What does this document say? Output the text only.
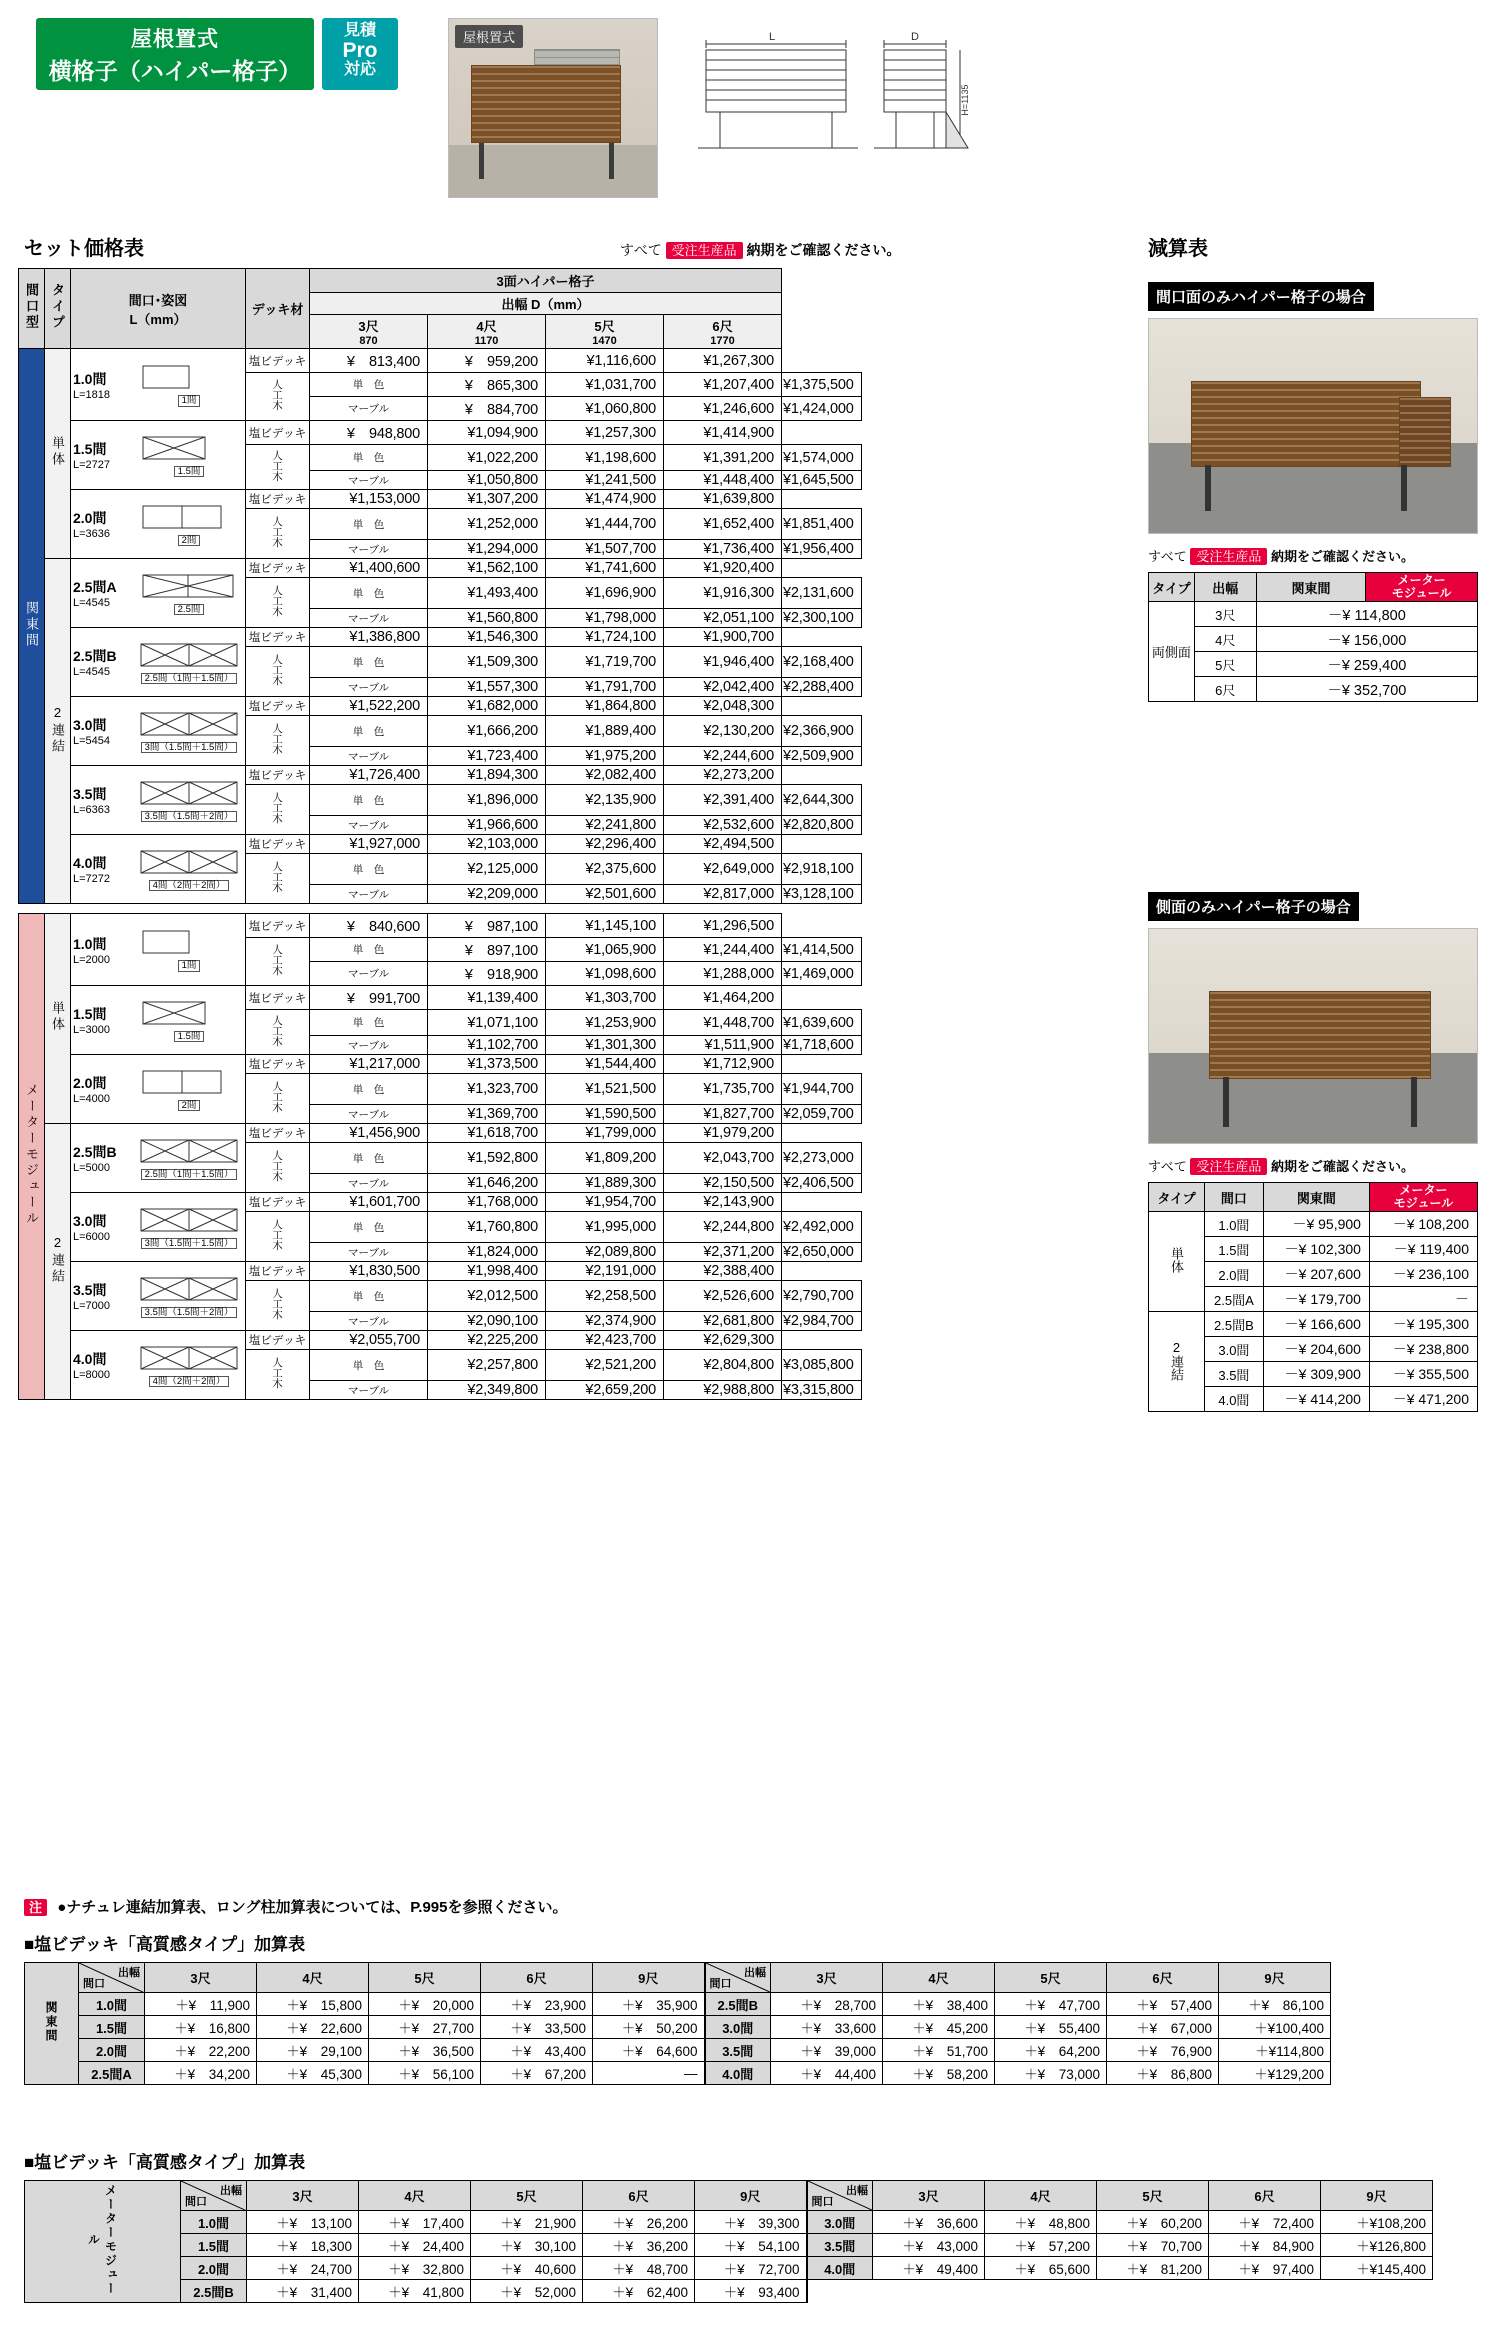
屋根置式
横格子（ハイパー格子）
見積
Pro
対応
屋根置式	L	D
H=1135
セット価格表	すべて 受注生産品 納期をご確認ください。	減算表
間口型	タイプ	間口･姿図
L（mm）	デッキ材	3面ハイパー格子				
				出幅 D（mm）				

3尺
870

4尺
1170

5尺
1470

6尺
1770

関東間	単体	1.0間
L=1818
1間	塩ビデッキ	¥　813,400	¥　959,200	¥1,116,600	¥1,267,300	
			人工木	単　色	¥　865,300	¥1,031,700	¥1,207,400	¥1,375,500
				マーブル	¥　884,700	¥1,060,800	¥1,246,600	¥1,424,000

		1.5間
L=2727
1.5間	塩ビデッキ	¥　948,800	¥1,094,900	¥1,257,300	¥1,414,900	
			人工木	単　色	¥1,022,200	¥1,198,600	¥1,391,200	¥1,574,000
				マーブル	¥1,050,800	¥1,241,500	¥1,448,400	¥1,645,500

		2.0間
L=3636
2間	塩ビデッキ	¥1,153,000	¥1,307,200	¥1,474,900	¥1,639,800	
			人工木	単　色	¥1,252,000	¥1,444,700	¥1,652,400	¥1,851,400
				マーブル	¥1,294,000	¥1,507,700	¥1,736,400	¥1,956,400
	2連結	2.5間A
L=4545
2.5間	塩ビデッキ	¥1,400,600	¥1,562,100	¥1,741,600	¥1,920,400	
			人工木	単　色	¥1,493,400	¥1,696,900	¥1,916,300	¥2,131,600
				マーブル	¥1,560,800	¥1,798,000	¥2,051,100	¥2,300,100

		2.5間B
L=4545
2.5間（1間＋1.5間）	塩ビデッキ	¥1,386,800	¥1,546,300	¥1,724,100	¥1,900,700	
			人工木	単　色	¥1,509,300	¥1,719,700	¥1,946,400	¥2,168,400
				マーブル	¥1,557,300	¥1,791,700	¥2,042,400	¥2,288,400

		3.0間
L=5454
3間（1.5間＋1.5間）	塩ビデッキ	¥1,522,200	¥1,682,000	¥1,864,800	¥2,048,300	
			人工木	単　色	¥1,666,200	¥1,889,400	¥2,130,200	¥2,366,900
				マーブル	¥1,723,400	¥1,975,200	¥2,244,600	¥2,509,900

		3.5間
L=6363
3.5間（1.5間＋2間）	塩ビデッキ	¥1,726,400	¥1,894,300	¥2,082,400	¥2,273,200	
			人工木	単　色	¥1,896,000	¥2,135,900	¥2,391,400	¥2,644,300
				マーブル	¥1,966,600	¥2,241,800	¥2,532,600	¥2,820,800

		4.0間
L=7272
4間（2間＋2間）	塩ビデッキ	¥1,927,000	¥2,103,000	¥2,296,400	¥2,494,500	
			人工木	単　色	¥2,125,000	¥2,375,600	¥2,649,000	¥2,918,100
				マーブル	¥2,209,000	¥2,501,600	¥2,817,000	¥3,128,100

メーターモジュール	単体	1.0間
L=2000
1間	塩ビデッキ	¥　840,600	¥　987,100	¥1,145,100	¥1,296,500	
			人工木	単　色	¥　897,100	¥1,065,900	¥1,244,400	¥1,414,500
				マーブル	¥　918,900	¥1,098,600	¥1,288,000	¥1,469,000

		1.5間
L=3000
1.5間	塩ビデッキ	¥　991,700	¥1,139,400	¥1,303,700	¥1,464,200	
			人工木	単　色	¥1,071,100	¥1,253,900	¥1,448,700	¥1,639,600
				マーブル	¥1,102,700	¥1,301,300	¥1,511,900	¥1,718,600

		2.0間
L=4000
2間	塩ビデッキ	¥1,217,000	¥1,373,500	¥1,544,400	¥1,712,900	
			人工木	単　色	¥1,323,700	¥1,521,500	¥1,735,700	¥1,944,700
				マーブル	¥1,369,700	¥1,590,500	¥1,827,700	¥2,059,700
	2連結	2.5間B
L=5000
2.5間（1間＋1.5間）	塩ビデッキ	¥1,456,900	¥1,618,700	¥1,799,000	¥1,979,200	
			人工木	単　色	¥1,592,800	¥1,809,200	¥2,043,700	¥2,273,000
				マーブル	¥1,646,200	¥1,889,300	¥2,150,500	¥2,406,500

		3.0間
L=6000
3間（1.5間＋1.5間）	塩ビデッキ	¥1,601,700	¥1,768,000	¥1,954,700	¥2,143,900	
			人工木	単　色	¥1,760,800	¥1,995,000	¥2,244,800	¥2,492,000
				マーブル	¥1,824,000	¥2,089,800	¥2,371,200	¥2,650,000

		3.5間
L=7000
3.5間（1.5間＋2間）	塩ビデッキ	¥1,830,500	¥1,998,400	¥2,191,000	¥2,388,400	
			人工木	単　色	¥2,012,500	¥2,258,500	¥2,526,600	¥2,790,700
				マーブル	¥2,090,100	¥2,374,900	¥2,681,800	¥2,984,700

		4.0間
L=8000
4間（2間＋2間）	塩ビデッキ	¥2,055,700	¥2,225,200	¥2,423,700	¥2,629,300	
			人工木	単　色	¥2,257,800	¥2,521,200	¥2,804,800	¥3,085,800
				マーブル	¥2,349,800	¥2,659,200	¥2,988,800	¥3,315,800
注 ●ナチュレ連結加算表、ロング柱加算表については、P.995を参照ください。
間口面のみハイパー格子の場合
すべて 受注生産品 納期をご確認ください。
タイプ	出幅	関東間	メーター
モジュール
両側面	3尺	－¥ 114,800	
	4尺	－¥ 156,000	
	5尺	－¥ 259,400	
	6尺	－¥ 352,700	
側面のみハイパー格子の場合
すべて 受注生産品 納期をご確認ください。
タイプ	間口	関東間	メーター
モジュール
単体	1.0間	－¥ 95,900	－¥ 108,200
	1.5間	－¥ 102,300	－¥ 119,400
	2.0間	－¥ 207,600	－¥ 236,100
	2.5間A	－¥ 179,700	－
2連結	2.5間B	－¥ 166,600	－¥ 195,300
	3.0間	－¥ 204,600	－¥ 238,800
	3.5間	－¥ 309,900	－¥ 355,500
	4.0間	－¥ 414,200	－¥ 471,200
■塩ビデッキ「高質感タイプ」加算表
関東間	
間口
出幅	3尺	4尺	5尺	6尺	9尺	間口
出幅	3尺	4尺	5尺	6尺	9尺
	1.0間	＋¥　11,900	＋¥　15,800	＋¥　20,000	＋¥　23,900	＋¥　35,900	2.5間B	＋¥　28,700	＋¥　38,400	＋¥　47,700	＋¥　57,400	＋¥　86,100
	1.5間	＋¥　16,800	＋¥　22,600	＋¥　27,700	＋¥　33,500	＋¥　50,200	3.0間	＋¥　33,600	＋¥　45,200	＋¥　55,400	＋¥　67,000	＋¥100,400
	2.0間	＋¥　22,200	＋¥　29,100	＋¥　36,500	＋¥　43,400	＋¥　64,600	3.5間	＋¥　39,000	＋¥　51,700	＋¥　64,200	＋¥　76,900	＋¥114,800
	2.5間A	＋¥　34,200	＋¥　45,300	＋¥　56,100	＋¥　67,200	—	4.0間	＋¥　44,400	＋¥　58,200	＋¥　73,000	＋¥　86,800	＋¥129,200
■塩ビデッキ「高質感タイプ」加算表
メーターモジュール	
間口
出幅	3尺	4尺	5尺	6尺	9尺	間口
出幅	3尺	4尺	5尺	6尺	9尺
	1.0間	＋¥　13,100	＋¥　17,400	＋¥　21,900	＋¥　26,200	＋¥　39,300	3.0間	＋¥　36,600	＋¥　48,800	＋¥　60,200	＋¥　72,400	＋¥108,200
	1.5間	＋¥　18,300	＋¥　24,400	＋¥　30,100	＋¥　36,200	＋¥　54,100	3.5間	＋¥　43,000	＋¥　57,200	＋¥　70,700	＋¥　84,900	＋¥126,800
	2.0間	＋¥　24,700	＋¥　32,800	＋¥　40,600	＋¥　48,700	＋¥　72,700	4.0間	＋¥　49,400	＋¥　65,600	＋¥　81,200	＋¥　97,400	＋¥145,400
	2.5間B	＋¥　31,400	＋¥　41,800	＋¥　52,000	＋¥　62,400	＋¥　93,400						
